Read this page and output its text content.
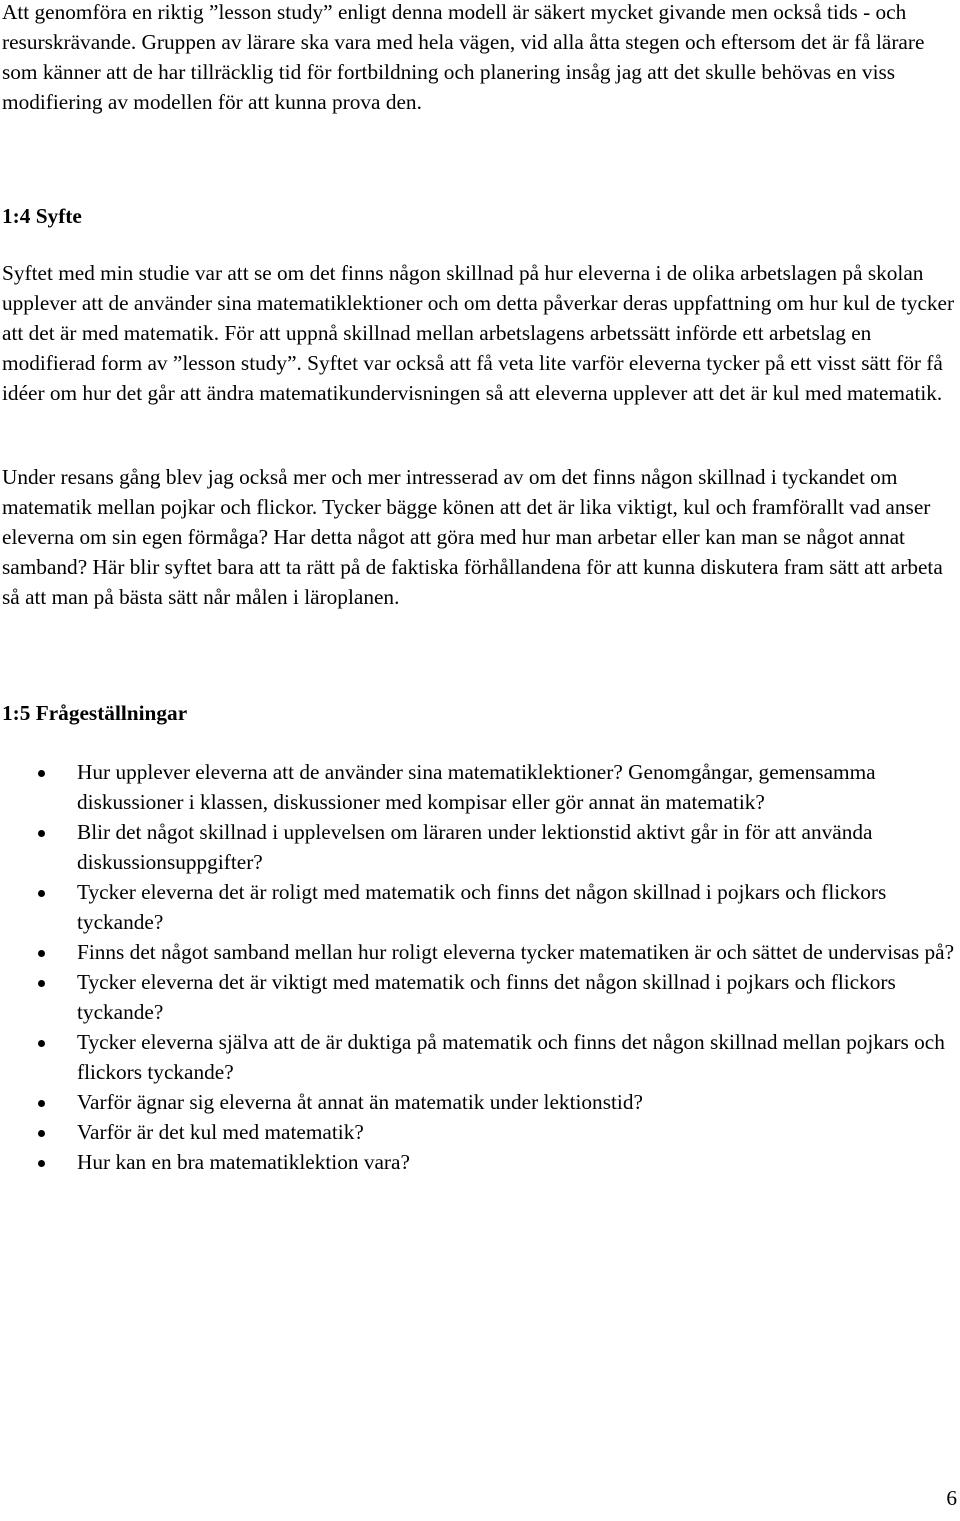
Att genomföra en riktig ”lesson study” enligt denna modell är säkert mycket givande men också tids - och resurskrävande. Gruppen av lärare ska vara med hela vägen, vid alla åtta stegen och eftersom det är få lärare som känner att de har tillräcklig tid för fortbildning och planering insåg jag att det skulle behövas en viss modifiering av modellen för att kunna prova den.

1:4 Syfte

Syftet med min studie var att se om det finns någon skillnad på hur eleverna i de olika arbetslagen på skolan upplever att de använder sina matematiklektioner och om detta påverkar deras uppfattning om hur kul de tycker att det är med matematik. För att uppnå skillnad mellan arbetslagens arbetssätt införde ett arbetslag en modifierad form av ”lesson study”. Syftet var också att få veta lite varför eleverna tycker på ett visst sätt för få idéer om hur det går att ändra matematikundervisningen så att eleverna upplever att det är kul med matematik.

Under resans gång blev jag också mer och mer intresserad av om det finns någon skillnad i tyckandet om matematik mellan pojkar och flickor. Tycker bägge könen att det är lika viktigt, kul och framförallt vad anser eleverna om sin egen förmåga? Har detta något att göra med hur man arbetar eller kan man se något annat samband? Här blir syftet bara att ta rätt på de faktiska förhållandena för att kunna diskutera fram sätt att arbeta så att man på bästa sätt når målen i läroplanen.

1:5 Frågeställningar
Hur upplever eleverna att de använder sina matematiklektioner? Genomgångar, gemensamma diskussioner i klassen, diskussioner med kompisar eller gör annat än matematik?
Blir det något skillnad i upplevelsen om läraren under lektionstid aktivt går in för att använda diskussionsuppgifter?
Tycker eleverna det är roligt med matematik och finns det någon skillnad i pojkars och flickors tyckande?
Finns det något samband mellan hur roligt eleverna tycker matematiken är och sättet de undervisas på?
Tycker eleverna det är viktigt med matematik och finns det någon skillnad i pojkars och flickors tyckande?
Tycker eleverna själva att de är duktiga på matematik och finns det någon skillnad mellan pojkars och flickors tyckande?
Varför ägnar sig eleverna åt annat än matematik under lektionstid?
Varför är det kul med matematik?
Hur kan en bra matematiklektion vara?
6
